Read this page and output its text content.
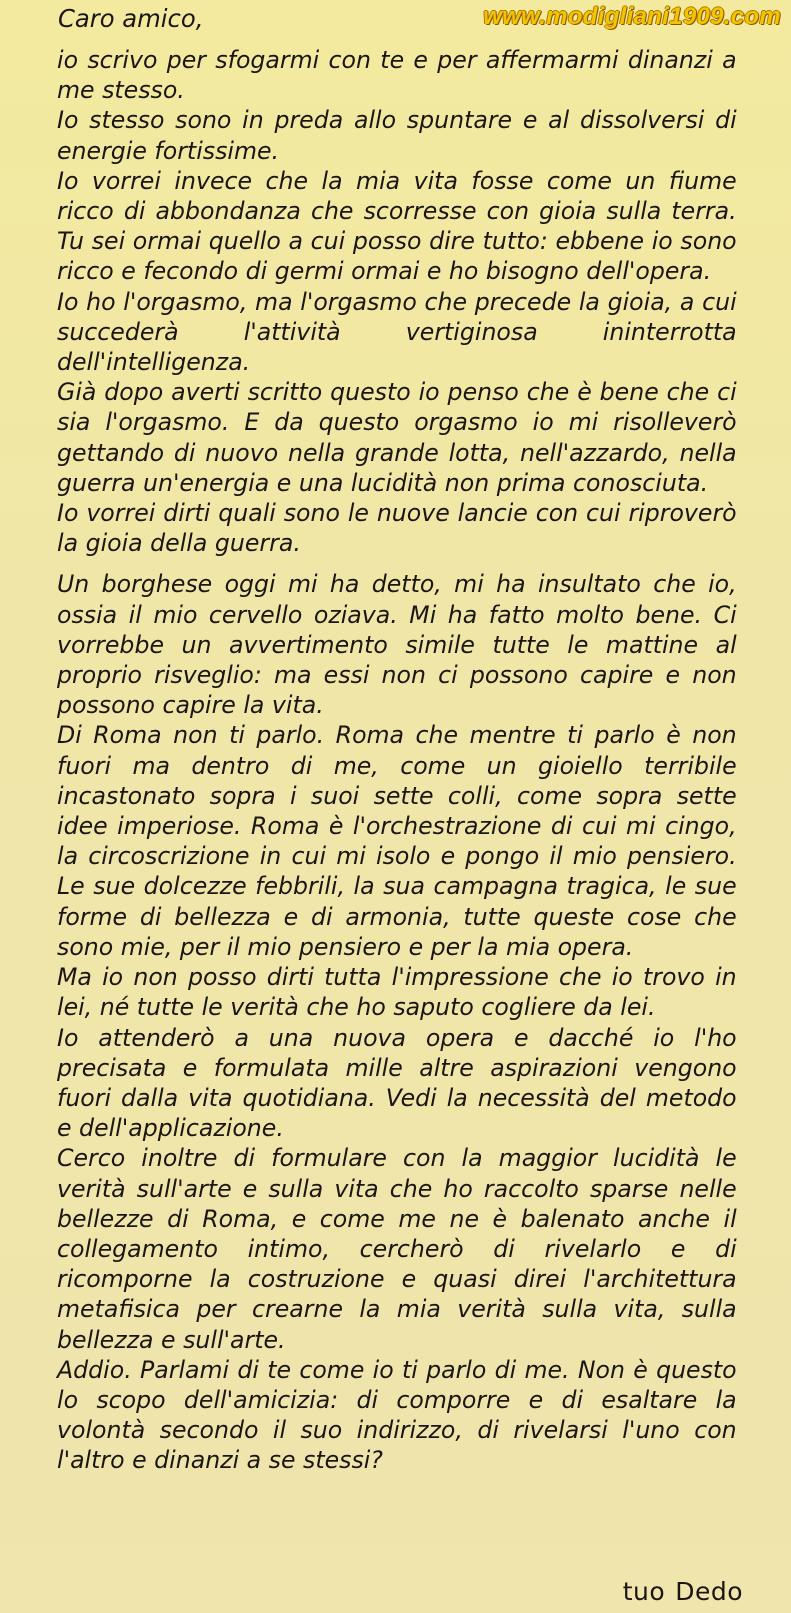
www.modigliani1909.com
Caro amico,

io scrivo per sfogarmi con te e per affermarmi dinanzi a me stesso.

Io stesso sono in preda allo spuntare e al dissolversi di energie fortissime.

Io vorrei invece che la mia vita fosse come un fiume ricco di abbondanza che scorresse con gioia sulla terra. Tu sei ormai quello a cui posso dire tutto: ebbene io sono ricco e fecondo di germi ormai e ho bisogno dell'opera.

Io ho l'orgasmo, ma l'orgasmo che precede la gioia, a cui succederà l'attività vertiginosa ininterrotta dell'intelligenza.

Già dopo averti scritto questo io penso che è bene che ci sia l'orgasmo. E da questo orgasmo io mi risolleverò gettando di nuovo nella grande lotta, nell'azzardo, nella guerra un'energia e una lucidità non prima conosciuta.

Io vorrei dirti quali sono le nuove lancie con cui riproverò la gioia della guerra.

Un borghese oggi mi ha detto, mi ha insultato che io, ossia il mio cervello oziava. Mi ha fatto molto bene. Ci vorrebbe un avvertimento simile tutte le mattine al proprio risveglio: ma essi non ci possono capire e non possono capire la vita.

Di Roma non ti parlo. Roma che mentre ti parlo è non fuori ma dentro di me, come un gioiello terribile incastonato sopra i suoi sette colli, come sopra sette idee imperiose. Roma è l'orchestrazione di cui mi cingo, la circoscrizione in cui mi isolo e pongo il mio pensiero. Le sue dolcezze febbrili, la sua campagna tragica, le sue forme di bellezza e di armonia, tutte queste cose che sono mie, per il mio pensiero e per la mia opera.

Ma io non posso dirti tutta l'impressione che io trovo in lei, né tutte le verità che ho saputo cogliere da lei.

Io attenderò a una nuova opera e dacché io l'ho precisata e formulata mille altre aspirazioni vengono fuori dalla vita quotidiana. Vedi la necessità del metodo e dell'applicazione.

Cerco inoltre di formulare con la maggior lucidità le verità sull'arte e sulla vita che ho raccolto sparse nelle bellezze di Roma, e come me ne è balenato anche il collegamento intimo, cercherò di rivelarlo e di ricomporne la costruzione e quasi direi l'architettura metafisica per crearne la mia verità sulla vita, sulla bellezza e sull'arte.

Addio. Parlami di te come io ti parlo di me. Non è questo lo scopo dell'amicizia: di comporre e di esaltare la volontà secondo il suo indirizzo, di rivelarsi l'uno con l'altro e dinanzi a se stessi?

tuo Dedo
